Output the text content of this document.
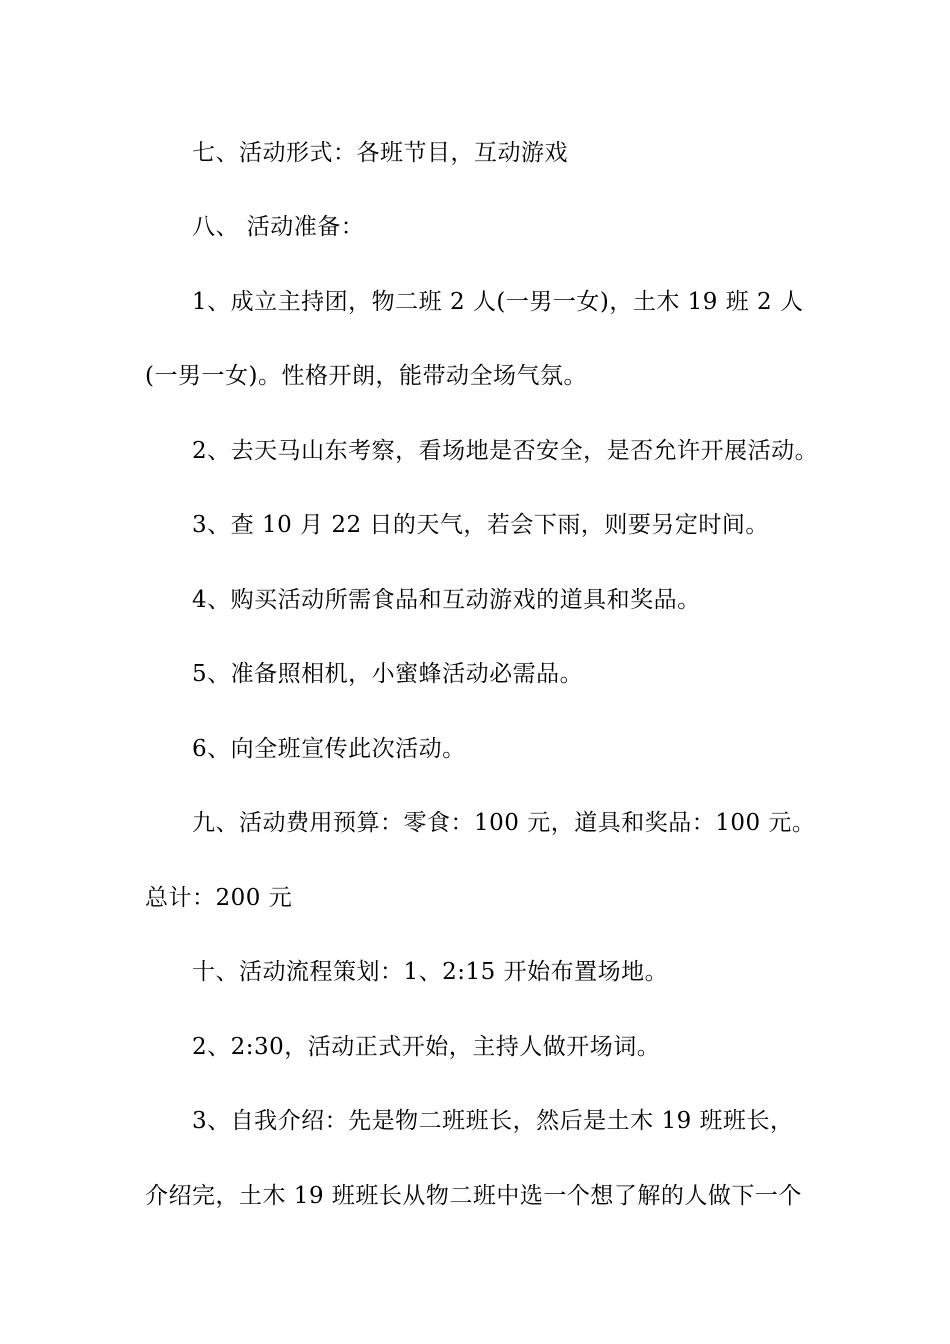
七、活动形式：各班节目，互动游戏
八、 活动准备：
1、成立主持团，物二班 2 人(一男一女)，土木 19 班 2 人
(一男一女)。性格开朗，能带动全场气氛。
2、去天马山东考察，看场地是否安全，是否允许开展活动。
3、查 10 月 22 日的天气，若会下雨，则要另定时间。
4、购买活动所需食品和互动游戏的道具和奖品。
5、准备照相机，小蜜蜂活动必需品。
6、向全班宣传此次活动。
九、活动费用预算：零食：100 元，道具和奖品：100 元。
总计：200 元
十、活动流程策划：1、2:15 开始布置场地。
2、2:30，活动正式开始，主持人做开场词。
3、自我介绍：先是物二班班长，然后是土木 19 班班长，
介绍完，土木 19 班班长从物二班中选一个想了解的人做下一个
